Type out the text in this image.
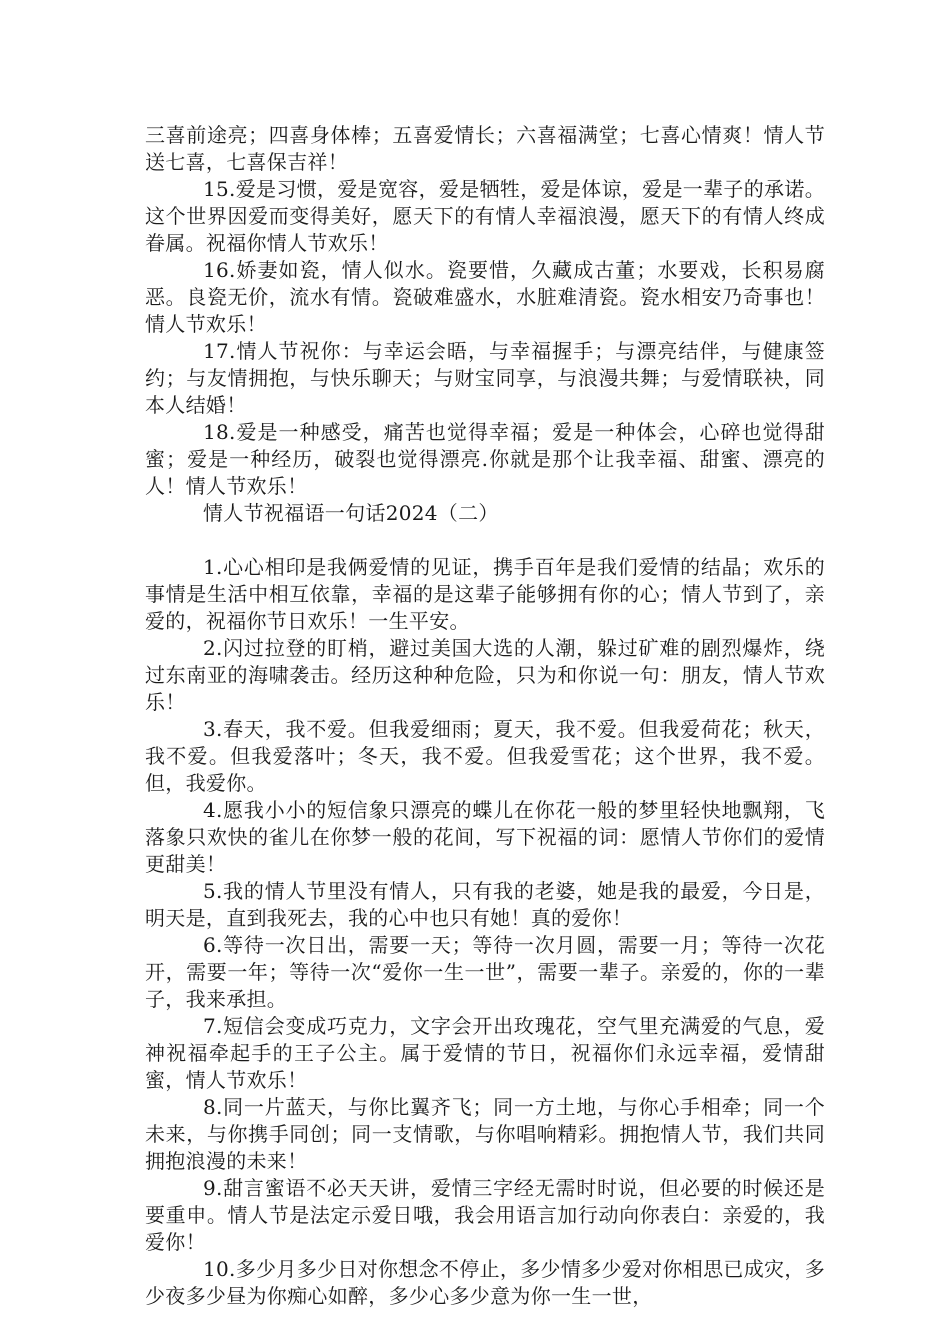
三喜前途亮；四喜身体棒；五喜爱情长；六喜福满堂；七喜心情爽！情人节送七喜，七喜保吉祥！

15.爱是习惯，爱是宽容，爱是牺牲，爱是体谅，爱是一辈子的承诺。这个世界因爱而变得美好，愿天下的有情人幸福浪漫，愿天下的有情人终成眷属。祝福你情人节欢乐！

16.娇妻如瓷，情人似水。瓷要惜，久藏成古董；水要戏，长积易腐恶。良瓷无价，流水有情。瓷破难盛水，水脏难清瓷。瓷水相安乃奇事也！情人节欢乐！

17.情人节祝你：与幸运会晤，与幸福握手；与漂亮结伴，与健康签约；与友情拥抱，与快乐聊天；与财宝同享，与浪漫共舞；与爱情联袂，同本人结婚！

18.爱是一种感受，痛苦也觉得幸福；爱是一种体会，心碎也觉得甜蜜；爱是一种经历，破裂也觉得漂亮.你就是那个让我幸福、甜蜜、漂亮的人！情人节欢乐！

情人节祝福语一句话2024（二）

1.心心相印是我俩爱情的见证，携手百年是我们爱情的结晶；欢乐的事情是生活中相互依靠，幸福的是这辈子能够拥有你的心；情人节到了，亲爱的，祝福你节日欢乐！一生平安。

2.闪过拉登的盯梢，避过美国大选的人潮，躲过矿难的剧烈爆炸，绕过东南亚的海啸袭击。经历这种种危险，只为和你说一句：朋友，情人节欢乐！

3.春天，我不爱。但我爱细雨；夏天，我不爱。但我爱荷花；秋天，我不爱。但我爱落叶；冬天，我不爱。但我爱雪花；这个世界，我不爱。但，我爱你。

4.愿我小小的短信象只漂亮的蝶儿在你花一般的梦里轻快地飘翔，飞落象只欢快的雀儿在你梦一般的花间，写下祝福的词：愿情人节你们的爱情更甜美！

5.我的情人节里没有情人，只有我的老婆，她是我的最爱，今日是，明天是，直到我死去，我的心中也只有她！真的爱你！

6.等待一次日出，需要一天；等待一次月圆，需要一月；等待一次花开，需要一年；等待一次“爱你一生一世”，需要一辈子。亲爱的，你的一辈子，我来承担。

7.短信会变成巧克力，文字会开出玫瑰花，空气里充满爱的气息，爱神祝福牵起手的王子公主。属于爱情的节日，祝福你们永远幸福，爱情甜蜜，情人节欢乐！

8.同一片蓝天，与你比翼齐飞；同一方土地，与你心手相牵；同一个未来，与你携手同创；同一支情歌，与你唱响精彩。拥抱情人节，我们共同拥抱浪漫的未来！

9.甜言蜜语不必天天讲，爱情三字经无需时时说，但必要的时候还是要重申。情人节是法定示爱日哦，我会用语言加行动向你表白：亲爱的，我爱你！

10.多少月多少日对你想念不停止，多少情多少爱对你相思已成灾，多少夜多少昼为你痴心如醉，多少心多少意为你一生一世，
